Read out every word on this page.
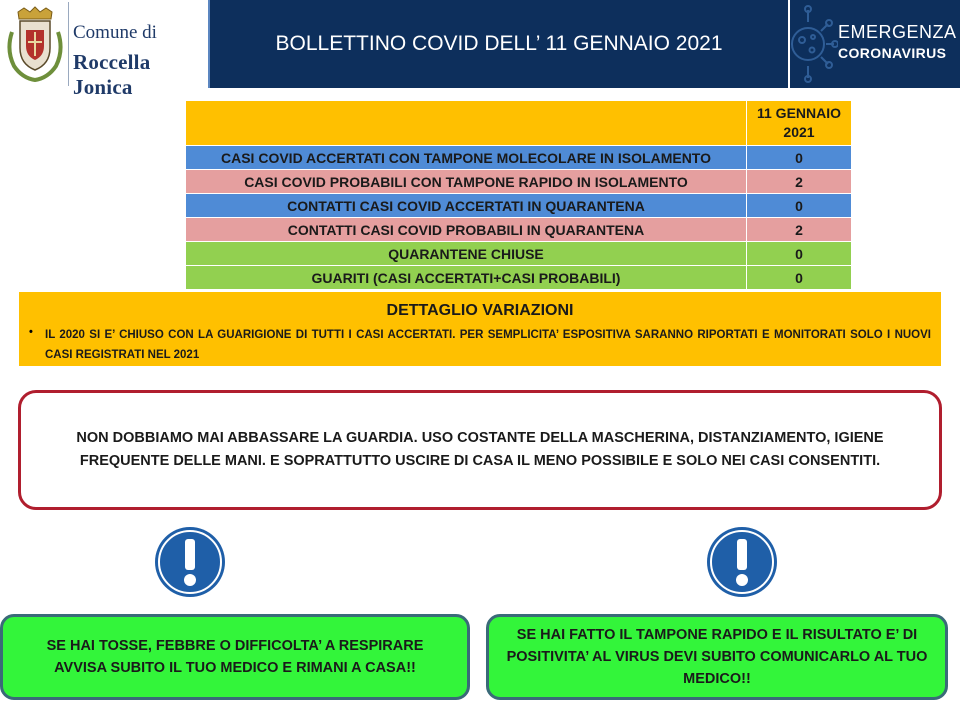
Comune di
Roccella Jonica
BOLLETTINO COVID DELL’ 11 GENNAIO 2021	EMERGENZA
CORONAVIRUS
	11 GENNAIO 2021
CASI COVID ACCERTATI CON TAMPONE MOLECOLARE IN ISOLAMENTO	0
CASI COVID PROBABILI CON TAMPONE RAPIDO IN ISOLAMENTO	2
CONTATTI CASI COVID ACCERTATI IN QUARANTENA	0
CONTATTI CASI COVID PROBABILI IN QUARANTENA	2
QUARANTENE CHIUSE	0
GUARITI (CASI ACCERTATI+CASI PROBABILI)	0
DETTAGLIO VARIAZIONI
• IL 2020 SI E’ CHIUSO CON LA GUARIGIONE DI TUTTI I CASI ACCERTATI. PER SEMPLICITA’ ESPOSITIVA SARANNO RIPORTATI E MONITORATI SOLO I NUOVI CASI REGISTRATI NEL 2021
NON DOBBIAMO MAI ABBASSARE LA GUARDIA. USO COSTANTE DELLA MASCHERINA, DISTANZIAMENTO, IGIENE FREQUENTE DELLE MANI. E SOPRATTUTTO USCIRE DI CASA IL MENO POSSIBILE E SOLO NEI CASI CONSENTITI.
SE HAI TOSSE, FEBBRE O DIFFICOLTA’ A RESPIRARE AVVISA SUBITO IL TUO MEDICO E RIMANI A CASA!!
SE HAI FATTO IL TAMPONE RAPIDO E IL RISULTATO E’ DI POSITIVITA’ AL VIRUS DEVI SUBITO COMUNICARLO AL TUO MEDICO!!
